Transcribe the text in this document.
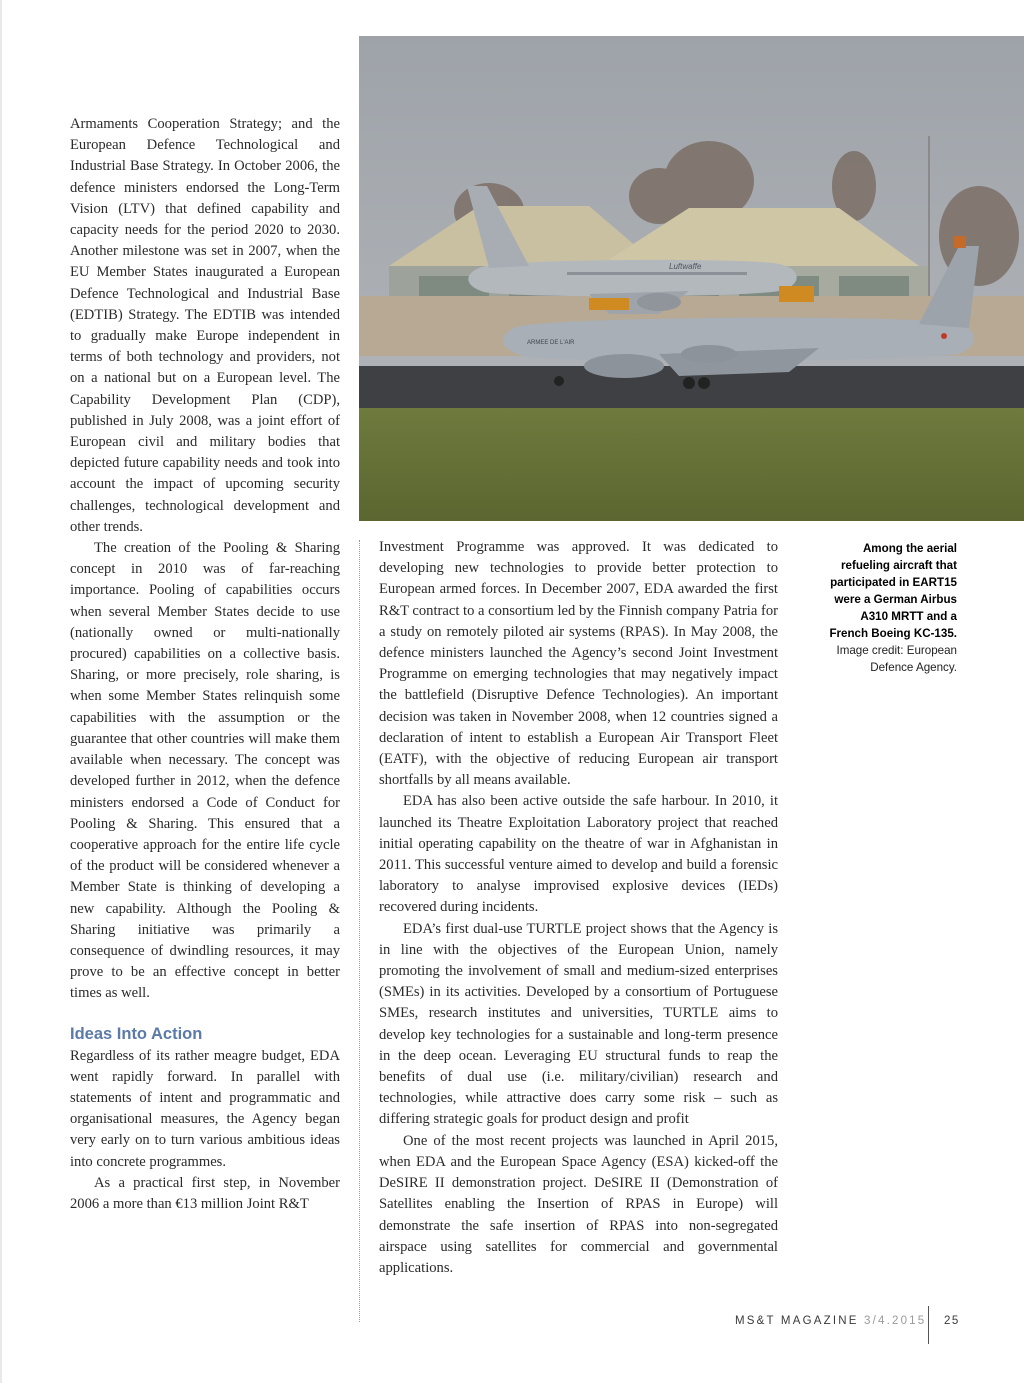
Luftwaffe
ARMEE DE L'AIR

Armaments Cooperation Strategy; and the European Defence Technological and Industrial Base Strategy. In October 2006, the defence ministers endorsed the Long-Term Vision (LTV) that defined capability and capacity needs for the period 2020 to 2030. Another milestone was set in 2007, when the EU Member States inaugurated a European Defence Technological and Industrial Base (EDTIB) Strategy. The EDTIB was intended to gradually make Europe independent in terms of both technology and providers, not on a national but on a European level. The Capability Development Plan (CDP), published in July 2008, was a joint effort of European civil and military bodies that depicted future capability needs and took into account the impact of upcoming security challenges, technological development and other trends.

The creation of the Pooling & Sharing concept in 2010 was of far-reaching importance. Pooling of capabilities occurs when several Member States decide to use (nationally owned or multi-nationally procured) capabilities on a collective basis. Sharing, or more precisely, role sharing, is when some Member States relinquish some capabilities with the assumption or the guarantee that other countries will make them available when necessary. The concept was developed further in 2012, when the defence ministers endorsed a Code of Conduct for Pooling & Sharing. This ensured that a cooperative approach for the entire life cycle of the product will be considered whenever a Member State is thinking of developing a new capability. Although the Pooling & Sharing initiative was primarily a consequence of dwindling resources, it may prove to be an effective concept in better times as well.

Ideas Into Action

Regardless of its rather meagre budget, EDA went rapidly forward. In parallel with statements of intent and programmatic and organisational measures, the Agency began very early on to turn various ambitious ideas into concrete programmes.

As a practical first step, in November 2006 a more than €13 million Joint R&T

Investment Programme was approved. It was dedicated to developing new technologies to provide better protection to European armed forces. In December 2007, EDA awarded the first R&T contract to a consortium led by the Finnish company Patria for a study on remotely piloted air systems (RPAS). In May 2008, the defence ministers launched the Agency’s second Joint Investment Programme on emerging technologies that may negatively impact the battlefield (Disruptive Defence Technologies). An important decision was taken in November 2008, when 12 countries signed a declaration of intent to establish a European Air Transport Fleet (EATF), with the objective of reducing European air transport shortfalls by all means available.

EDA has also been active outside the safe harbour. In 2010, it launched its Theatre Exploitation Laboratory project that reached initial operating capability on the theatre of war in Afghanistan in 2011. This successful venture aimed to develop and build a forensic laboratory to analyse improvised explosive devices (IEDs) recovered during incidents.

EDA’s first dual-use TURTLE project shows that the Agency is in line with the objectives of the European Union, namely promoting the involvement of small and medium-sized enterprises (SMEs) in its activities. Developed by a consortium of Portuguese SMEs, research institutes and universities, TURTLE aims to develop key technologies for a sustainable and long-term presence in the deep ocean. Leveraging EU structural funds to reap the benefits of dual use (i.e. military/civilian) research and technologies, while attractive does carry some risk – such as differing strategic goals for product design and profit

One of the most recent projects was launched in April 2015, when EDA and the European Space Agency (ESA) kicked-off the DeSIRE II demonstration project. DeSIRE II (Demonstration of Satellites enabling the Insertion of RPAS in Europe) will demonstrate the safe insertion of RPAS into non-segregated airspace using satellites for commercial and governmental applications.

Among the aerial refueling aircraft that participated in EART15 were a German Airbus A310 MRTT and a French Boeing KC-135.
Image credit: European Defence Agency.
MS&T MAGAZINE 3/4.2015 25
